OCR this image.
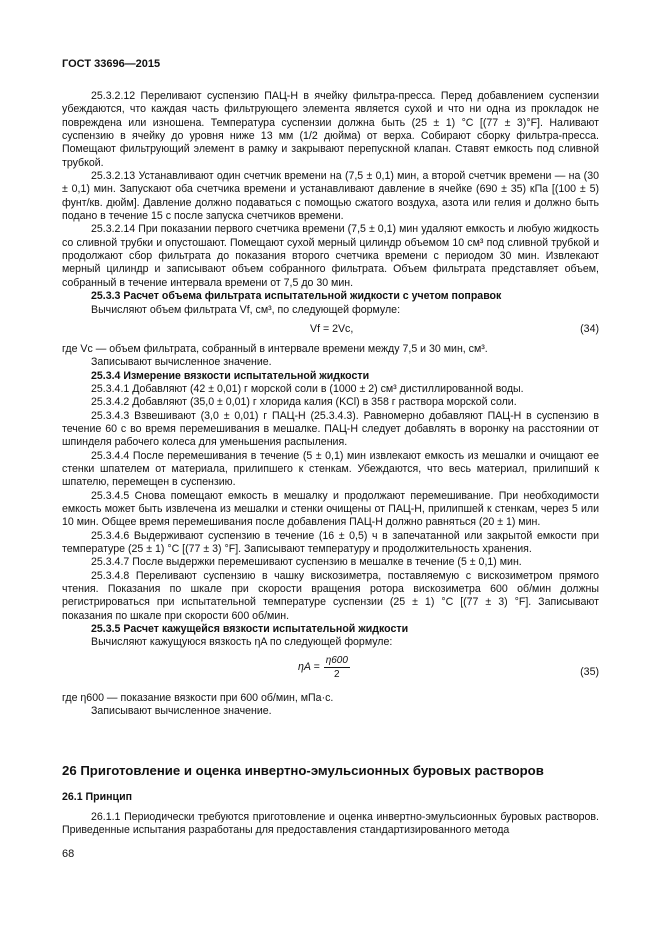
ГОСТ 33696—2015

25.3.2.12 Переливают суспензию ПАЦ-Н в ячейку фильтра-пресса. Перед добавлением суспензии убеждаются, что каждая часть фильтрующего элемента является сухой и что ни одна из прокладок не повреждена или изношена. Температура суспензии должна быть (25 ± 1) °С [(77 ± 3)°F]. Наливают суспензию в ячейку до уровня ниже 13 мм (1/2 дюйма) от верха. Собирают сборку фильтра-пресса. Помещают фильтрующий элемент в рамку и закрывают перепускной клапан. Ставят емкость под сливной трубкой.

25.3.2.13 Устанавливают один счетчик времени на (7,5 ± 0,1) мин, а второй счетчик времени — на (30 ± 0,1) мин. Запускают оба счетчика времени и устанавливают давление в ячейке (690 ± 35) кПа [(100 ± 5) фунт/кв. дюйм]. Давление должно подаваться с помощью сжатого воздуха, азота или гелия и должно быть подано в течение 15 с после запуска счетчиков времени.

25.3.2.14 При показании первого счетчика времени (7,5 ± 0,1) мин удаляют емкость и любую жидкость со сливной трубки и опустошают. Помещают сухой мерный цилиндр объемом 10 см³ под сливной трубкой и продолжают сбор фильтрата до показания второго счетчика времени с периодом 30 мин. Извлекают мерный цилиндр и записывают объем собранного фильтрата. Объем фильтрата представляет объем, собранный в течение интервала времени от 7,5 до 30 мин.

25.3.3 Расчет объема фильтрата испытательной жидкости с учетом поправок

Вычисляют объем фильтрата Vf, см³, по следующей формуле:

Vf = 2Vc,	(34)

где Vc — объем фильтрата, собранный в интервале времени между 7,5 и 30 мин, см³.

Записывают вычисленное значение.

25.3.4 Измерение вязкости испытательной жидкости

25.3.4.1 Добавляют (42 ± 0,01) г морской соли в (1000 ± 2) см³ дистиллированной воды.

25.3.4.2 Добавляют (35,0 ± 0,01) г хлорида калия (KCl) в 358 г раствора морской соли.

25.3.4.3 Взвешивают (3,0 ± 0,01) г ПАЦ-Н (25.3.4.3). Равномерно добавляют ПАЦ-Н в суспензию в течение 60 с во время перемешивания в мешалке. ПАЦ-Н следует добавлять в воронку на расстоянии от шпинделя рабочего колеса для уменьшения распыления.

25.3.4.4 После перемешивания в течение (5 ± 0,1) мин извлекают емкость из мешалки и очищают ее стенки шпателем от материала, прилипшего к стенкам. Убеждаются, что весь материал, прилипший к шпателю, перемещен в суспензию.

25.3.4.5 Снова помещают емкость в мешалку и продолжают перемешивание. При необходимости емкость может быть извлечена из мешалки и стенки очищены от ПАЦ-Н, прилипшей к стенкам, через 5 или 10 мин. Общее время перемешивания после добавления ПАЦ-Н должно равняться (20 ± 1) мин.

25.3.4.6 Выдерживают суспензию в течение (16 ± 0,5) ч в запечатанной или закрытой емкости при температуре (25 ± 1) °С [(77 ± 3) °F]. Записывают температуру и продолжительность хранения.

25.3.4.7 После выдержки перемешивают суспензию в мешалке в течение (5 ± 0,1) мин.

25.3.4.8 Переливают суспензию в чашку вискозиметра, поставляемую с вискозиметром прямого чтения. Показания по шкале при скорости вращения ротора вискозиметра 600 об/мин должны регистрироваться при испытательной температуре суспензии (25 ± 1) °С [(77 ± 3) °F]. Записывают показания по шкале при скорости 600 об/мин.

25.3.5 Расчет кажущейся вязкости испытательной жидкости

Вычисляют кажущуюся вязкость ηA по следующей формуле:

$\eta A = \frac{\eta 600}{2}$	(35)

где η600 — показание вязкости при 600 об/мин, мПа·с.

Записывают вычисленное значение.

26 Приготовление и оценка инвертно-эмульсионных буровых растворов
26.1 Принцип

26.1.1 Периодически требуются приготовление и оценка инвертно-эмульсионных буровых растворов. Приведенные испытания разработаны для предоставления стандартизированного метода

68
